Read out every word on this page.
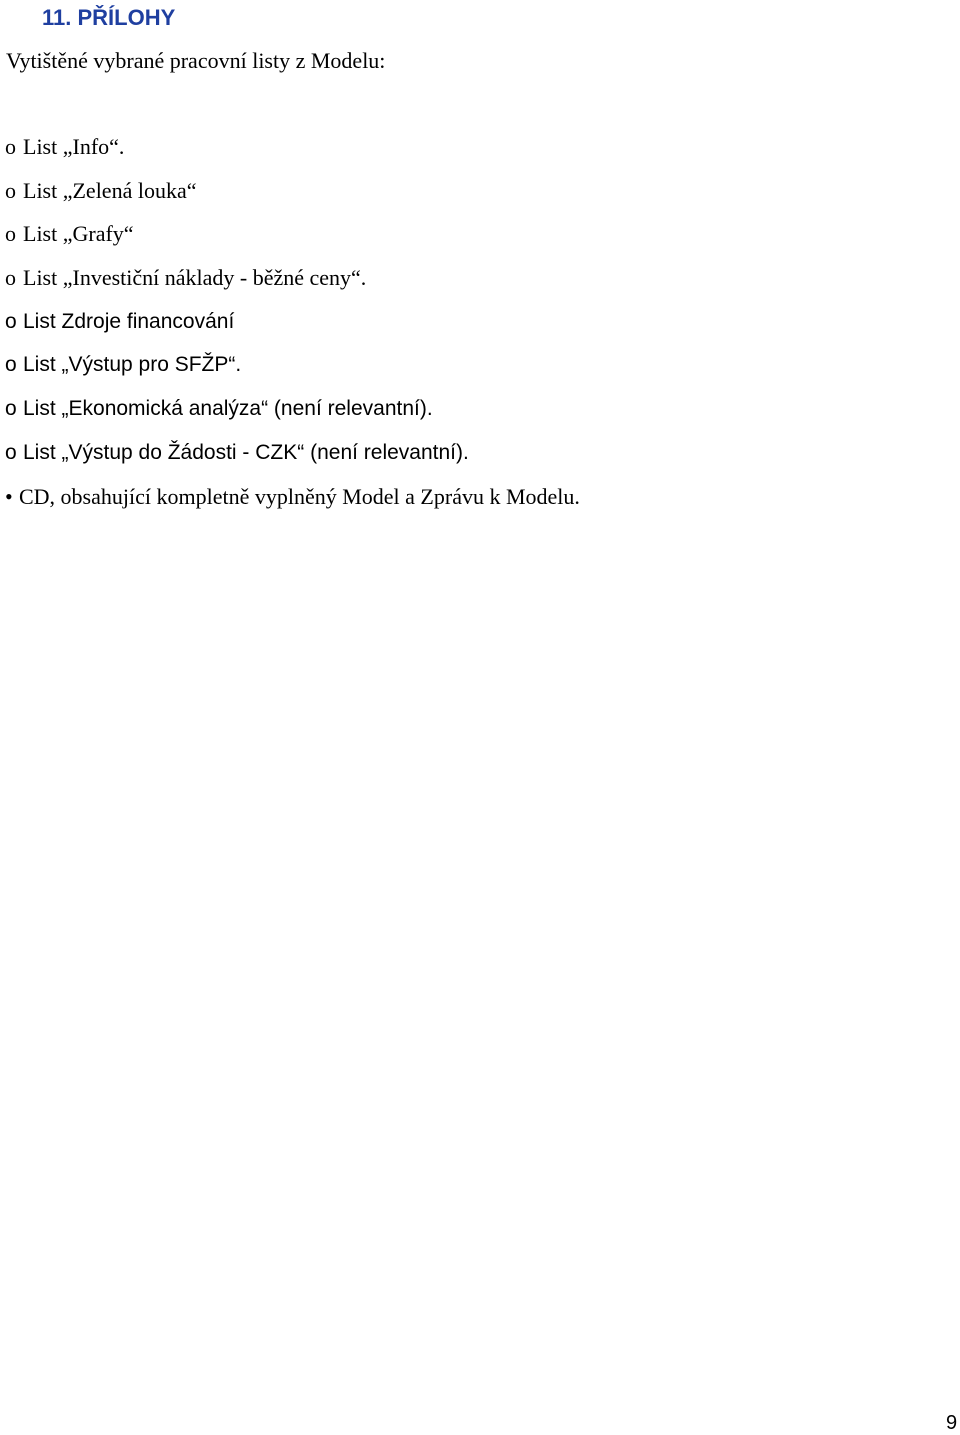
11. PŘÍLOHY
Vytištěné vybrané pracovní listy z Modelu:
o List „Info“.
o List „Zelená louka“
o List „Grafy“
o List „Investiční náklady - běžné ceny“.
o List Zdroje financování
o List „Výstup pro SFŽP“.
o List „Ekonomická analýza“ (není relevantní).
o List „Výstup do Žádosti - CZK“ (není relevantní).
• CD, obsahující kompletně vyplněný Model a Zprávu k Modelu.
9
